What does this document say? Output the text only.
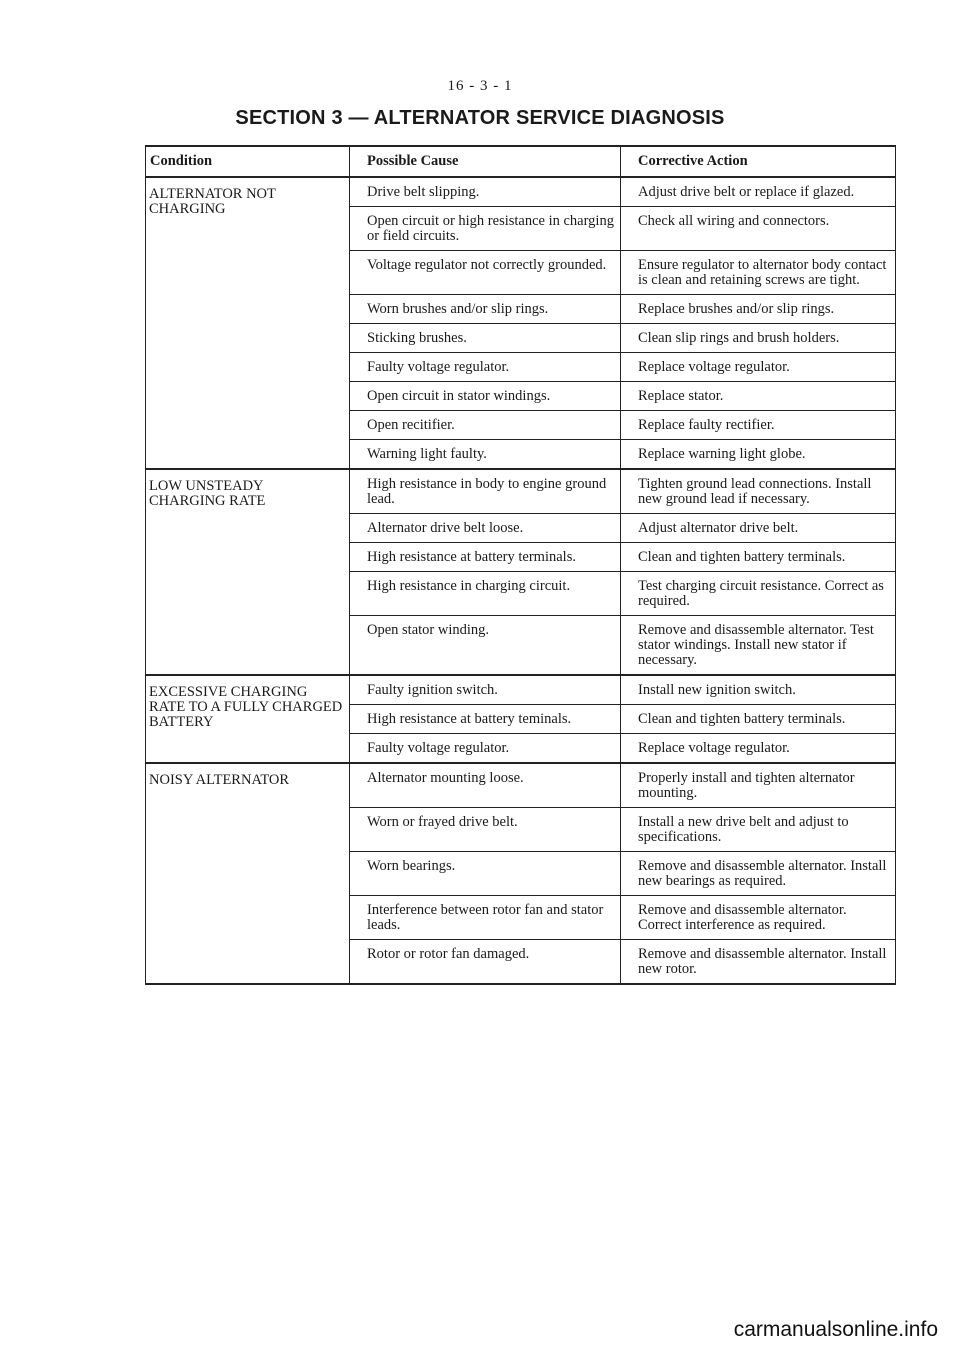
16 - 3 - 1
SECTION 3 — ALTERNATOR SERVICE DIAGNOSIS
Condition	Possible Cause	Corrective Action
ALTERNATOR NOT CHARGING	Drive belt slipping.	Adjust drive belt or replace if glazed.
	Open circuit or high resistance in charging or field circuits.	Check all wiring and connectors.
	Voltage regulator not correctly grounded.	Ensure regulator to alternator body contact is clean and retaining screws are tight.
	Worn brushes and/or slip rings.	Replace brushes and/or slip rings.
	Sticking brushes.	Clean slip rings and brush holders.
	Faulty voltage regulator.	Replace voltage regulator.
	Open circuit in stator windings.	Replace stator.
	Open recitifier.	Replace faulty rectifier.
	Warning light faulty.	Replace warning light globe.
LOW UNSTEADY CHARGING RATE	High resistance in body to engine ground lead.	Tighten ground lead connections. Install new ground lead if necessary.
	Alternator drive belt loose.	Adjust alternator drive belt.
	High resistance at battery terminals.	Clean and tighten battery terminals.
	High resistance in charging circuit.	Test charging circuit resistance. Correct as required.
	Open stator winding.	Remove and disassemble alternator. Test stator windings. Install new stator if necessary.
EXCESSIVE CHARGING RATE TO A FULLY CHARGED BATTERY	Faulty ignition switch.	Install new ignition switch.
	High resistance at battery teminals.	Clean and tighten battery terminals.
	Faulty voltage regulator.	Replace voltage regulator.
NOISY ALTERNATOR	Alternator mounting loose.	Properly install and tighten alternator mounting.
	Worn or frayed drive belt.	Install a new drive belt and adjust to specifications.
	Worn bearings.	Remove and disassemble alternator. Install new bearings as required.
	Interference between rotor fan and stator leads.	Remove and disassemble alternator. Correct interference as required.
	Rotor or rotor fan damaged.	Remove and disassemble alternator. Install new rotor.
carmanualsonline.info
